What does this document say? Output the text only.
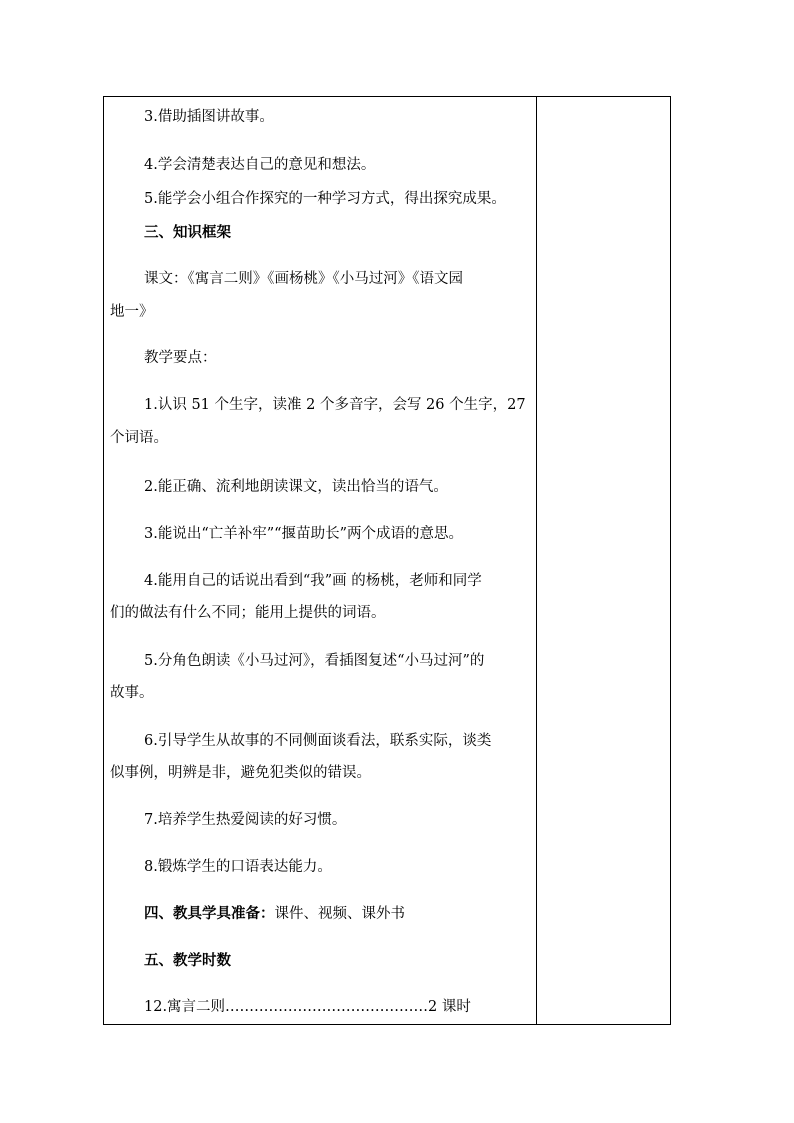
3.借助插图讲故事。
4.学会清楚表达自己的意见和想法。
5.能学会小组合作探究的一种学习方式，得出探究成果。
三、知识框架
课文：《寓言二则》《画杨桃》《小马过河》《语文园
地一》
教学要点：
1.认识 51 个生字，读准 2 个多音字，会写 26 个生字，27
个词语。
2.能正确、流利地朗读课文，读出恰当的语气。
3.能说出“亡羊补牢”“揠苗助长”两个成语的意思。
4.能用自己的话说出看到“我”画 的杨桃，老师和同学
们的做法有什么不同；能用上提供的词语。
5.分角色朗读《小马过河》，看插图复述“小马过河”的
故事。
6.引导学生从故事的不同侧面谈看法，联系实际，谈类
似事例，明辨是非，避免犯类似的错误。
7.培养学生热爱阅读的好习惯。
8.锻炼学生的口语表达能力。
四、教具学具准备：课件、视频、课外书
五、教学时数
12.寓言二则……………………………………2 课时
